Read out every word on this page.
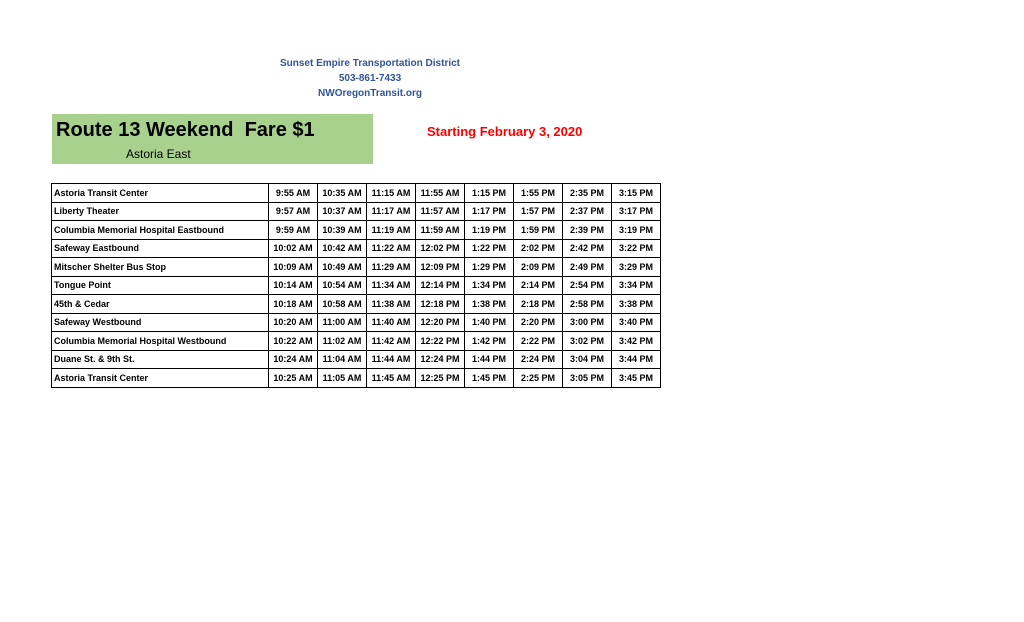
Sunset Empire Transportation District
503-861-7433
NWOregonTransit.org
Route 13 Weekend  Fare $1
Astoria East
Starting February 3, 2020
Astoria Transit Center	9:55 AM	10:35 AM	11:15 AM	11:55 AM	1:15 PM	1:55 PM	2:35 PM	3:15 PM
Liberty Theater	9:57 AM	10:37 AM	11:17 AM	11:57 AM	1:17 PM	1:57 PM	2:37 PM	3:17 PM
Columbia Memorial Hospital Eastbound	9:59 AM	10:39 AM	11:19 AM	11:59 AM	1:19 PM	1:59 PM	2:39 PM	3:19 PM
Safeway Eastbound	10:02 AM	10:42 AM	11:22 AM	12:02 PM	1:22 PM	2:02 PM	2:42 PM	3:22 PM
Mitscher Shelter Bus Stop	10:09 AM	10:49 AM	11:29 AM	12:09 PM	1:29 PM	2:09 PM	2:49 PM	3:29 PM
Tongue Point	10:14 AM	10:54 AM	11:34 AM	12:14 PM	1:34 PM	2:14 PM	2:54 PM	3:34 PM
45th & Cedar	10:18 AM	10:58 AM	11:38 AM	12:18 PM	1:38 PM	2:18 PM	2:58 PM	3:38 PM
Safeway Westbound	10:20 AM	11:00 AM	11:40 AM	12:20 PM	1:40 PM	2:20 PM	3:00 PM	3:40 PM
Columbia Memorial Hospital Westbound	10:22 AM	11:02 AM	11:42 AM	12:22 PM	1:42 PM	2:22 PM	3:02 PM	3:42 PM
Duane St. & 9th St.	10:24 AM	11:04 AM	11:44 AM	12:24 PM	1:44 PM	2:24 PM	3:04 PM	3:44 PM
Astoria Transit Center	10:25 AM	11:05 AM	11:45 AM	12:25 PM	1:45 PM	2:25 PM	3:05 PM	3:45 PM
